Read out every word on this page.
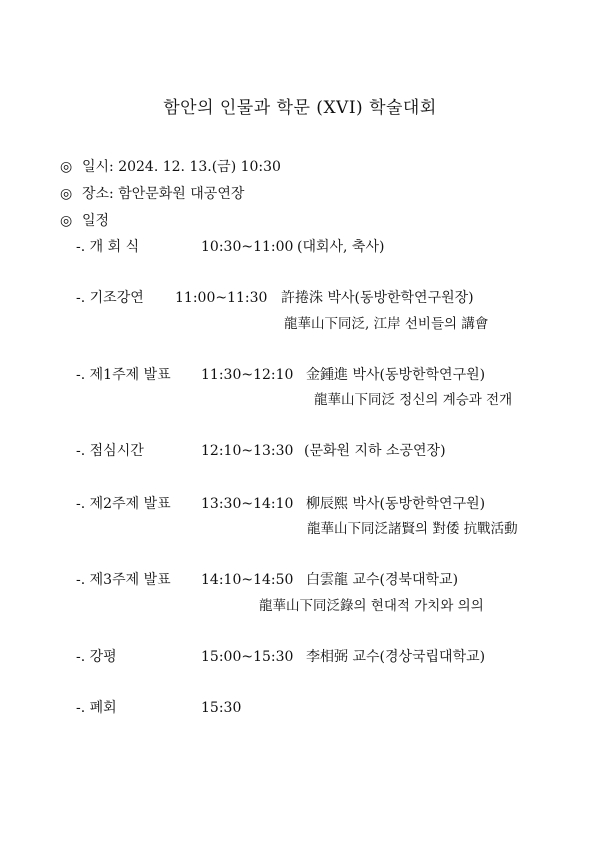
함안의 인물과 학문 (XVI) 학술대회
◎ 일시: 2024. 12. 13.(금) 10:30
◎ 장소: 함안문화원 대공연장
◎ 일정
-. 개 회 식	10:30~11:00 (대회사, 축사)
-. 기조강연 11:00~11:30 許捲洙 박사(동방한학연구원장)
龍華山下同泛, 江岸 선비들의 講會
-. 제1주제 발표 11:30~12:10 金鍾進 박사(동방한학연구원)
龍華山下同泛 정신의 계승과 전개
-. 점심시간	12:10~13:30 (문화원 지하 소공연장)
-. 제2주제 발표 13:30~14:10 柳辰熙 박사(동방한학연구원)
龍華山下同泛諸賢의 對倭 抗戰活動
-. 제3주제 발표 14:10~14:50 白雲龍 교수(경북대학교)
龍華山下同泛錄의 현대적 가치와 의의
-. 강평	15:00~15:30 李相弼 교수(경상국립대학교)
-. 폐회	15:30
